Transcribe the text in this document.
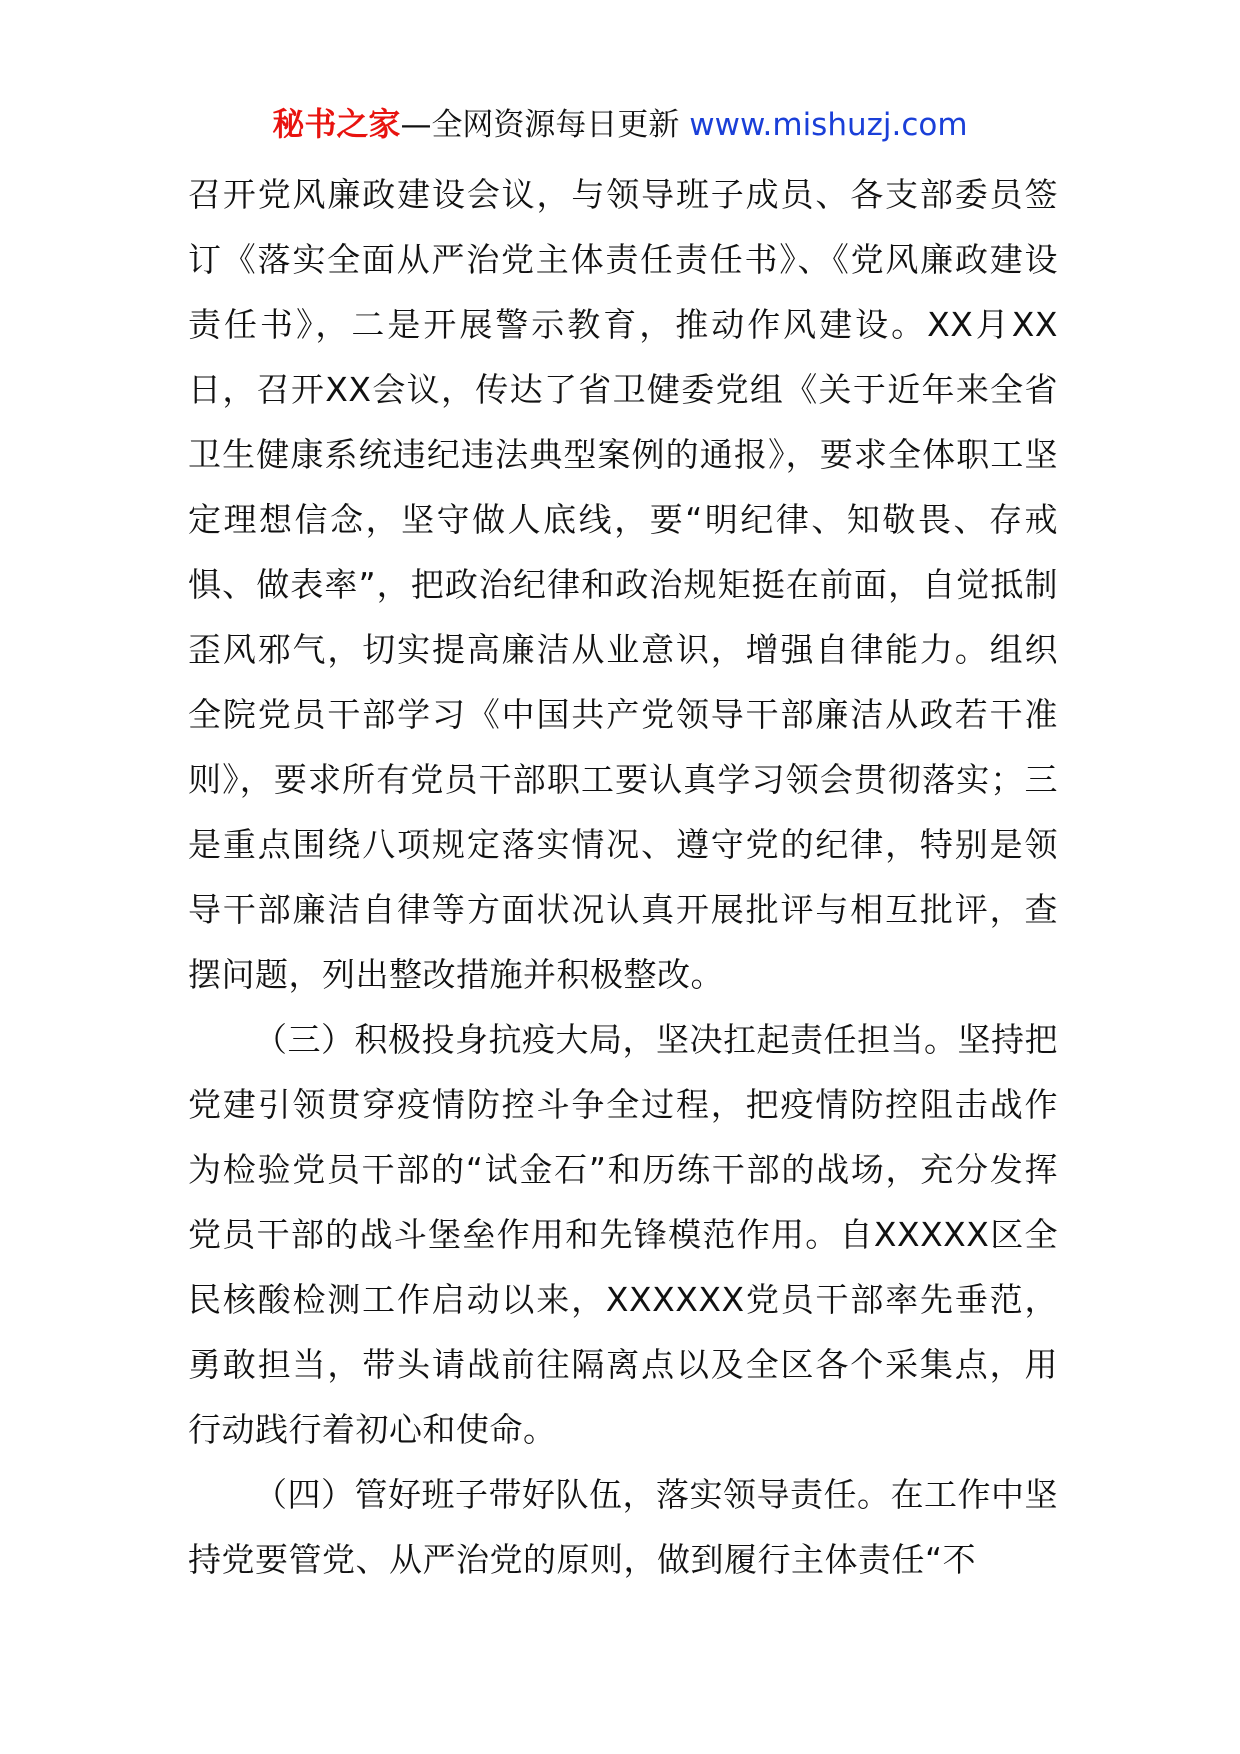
秘书之家—全网资源每日更新 www.mishuzj.com

召开党风廉政建设会议，与领导班子成员、各支部委员签订《落实全面从严治党主体责任责任书》、《党风廉政建设责任书》，二是开展警示教育，推动作风建设。XX月XX日，召开XX会议，传达了省卫健委党组《关于近年来全省卫生健康系统违纪违法典型案例的通报》，要求全体职工坚定理想信念，坚守做人底线，要“明纪律、知敬畏、存戒惧、做表率”，把政治纪律和政治规矩挺在前面，自觉抵制歪风邪气，切实提高廉洁从业意识，增强自律能力。组织全院党员干部学习《中国共产党领导干部廉洁从政若干准则》，要求所有党员干部职工要认真学习领会贯彻落实；三是重点围绕八项规定落实情况、遵守党的纪律，特别是领导干部廉洁自律等方面状况认真开展批评与相互批评，查摆问题，列出整改措施并积极整改。

（三）积极投身抗疫大局，坚决扛起责任担当。坚持把党建引领贯穿疫情防控斗争全过程，把疫情防控阻击战作为检验党员干部的“试金石”和历练干部的战场，充分发挥党员干部的战斗堡垒作用和先锋模范作用。自XXXXX区全民核酸检测工作启动以来，XXXXXX党员干部率先垂范，勇敢担当，带头请战前往隔离点以及全区各个采集点，用行动践行着初心和使命。

（四）管好班子带好队伍，落实领导责任。在工作中坚持党要管党、从严治党的原则，做到履行主体责任“不
